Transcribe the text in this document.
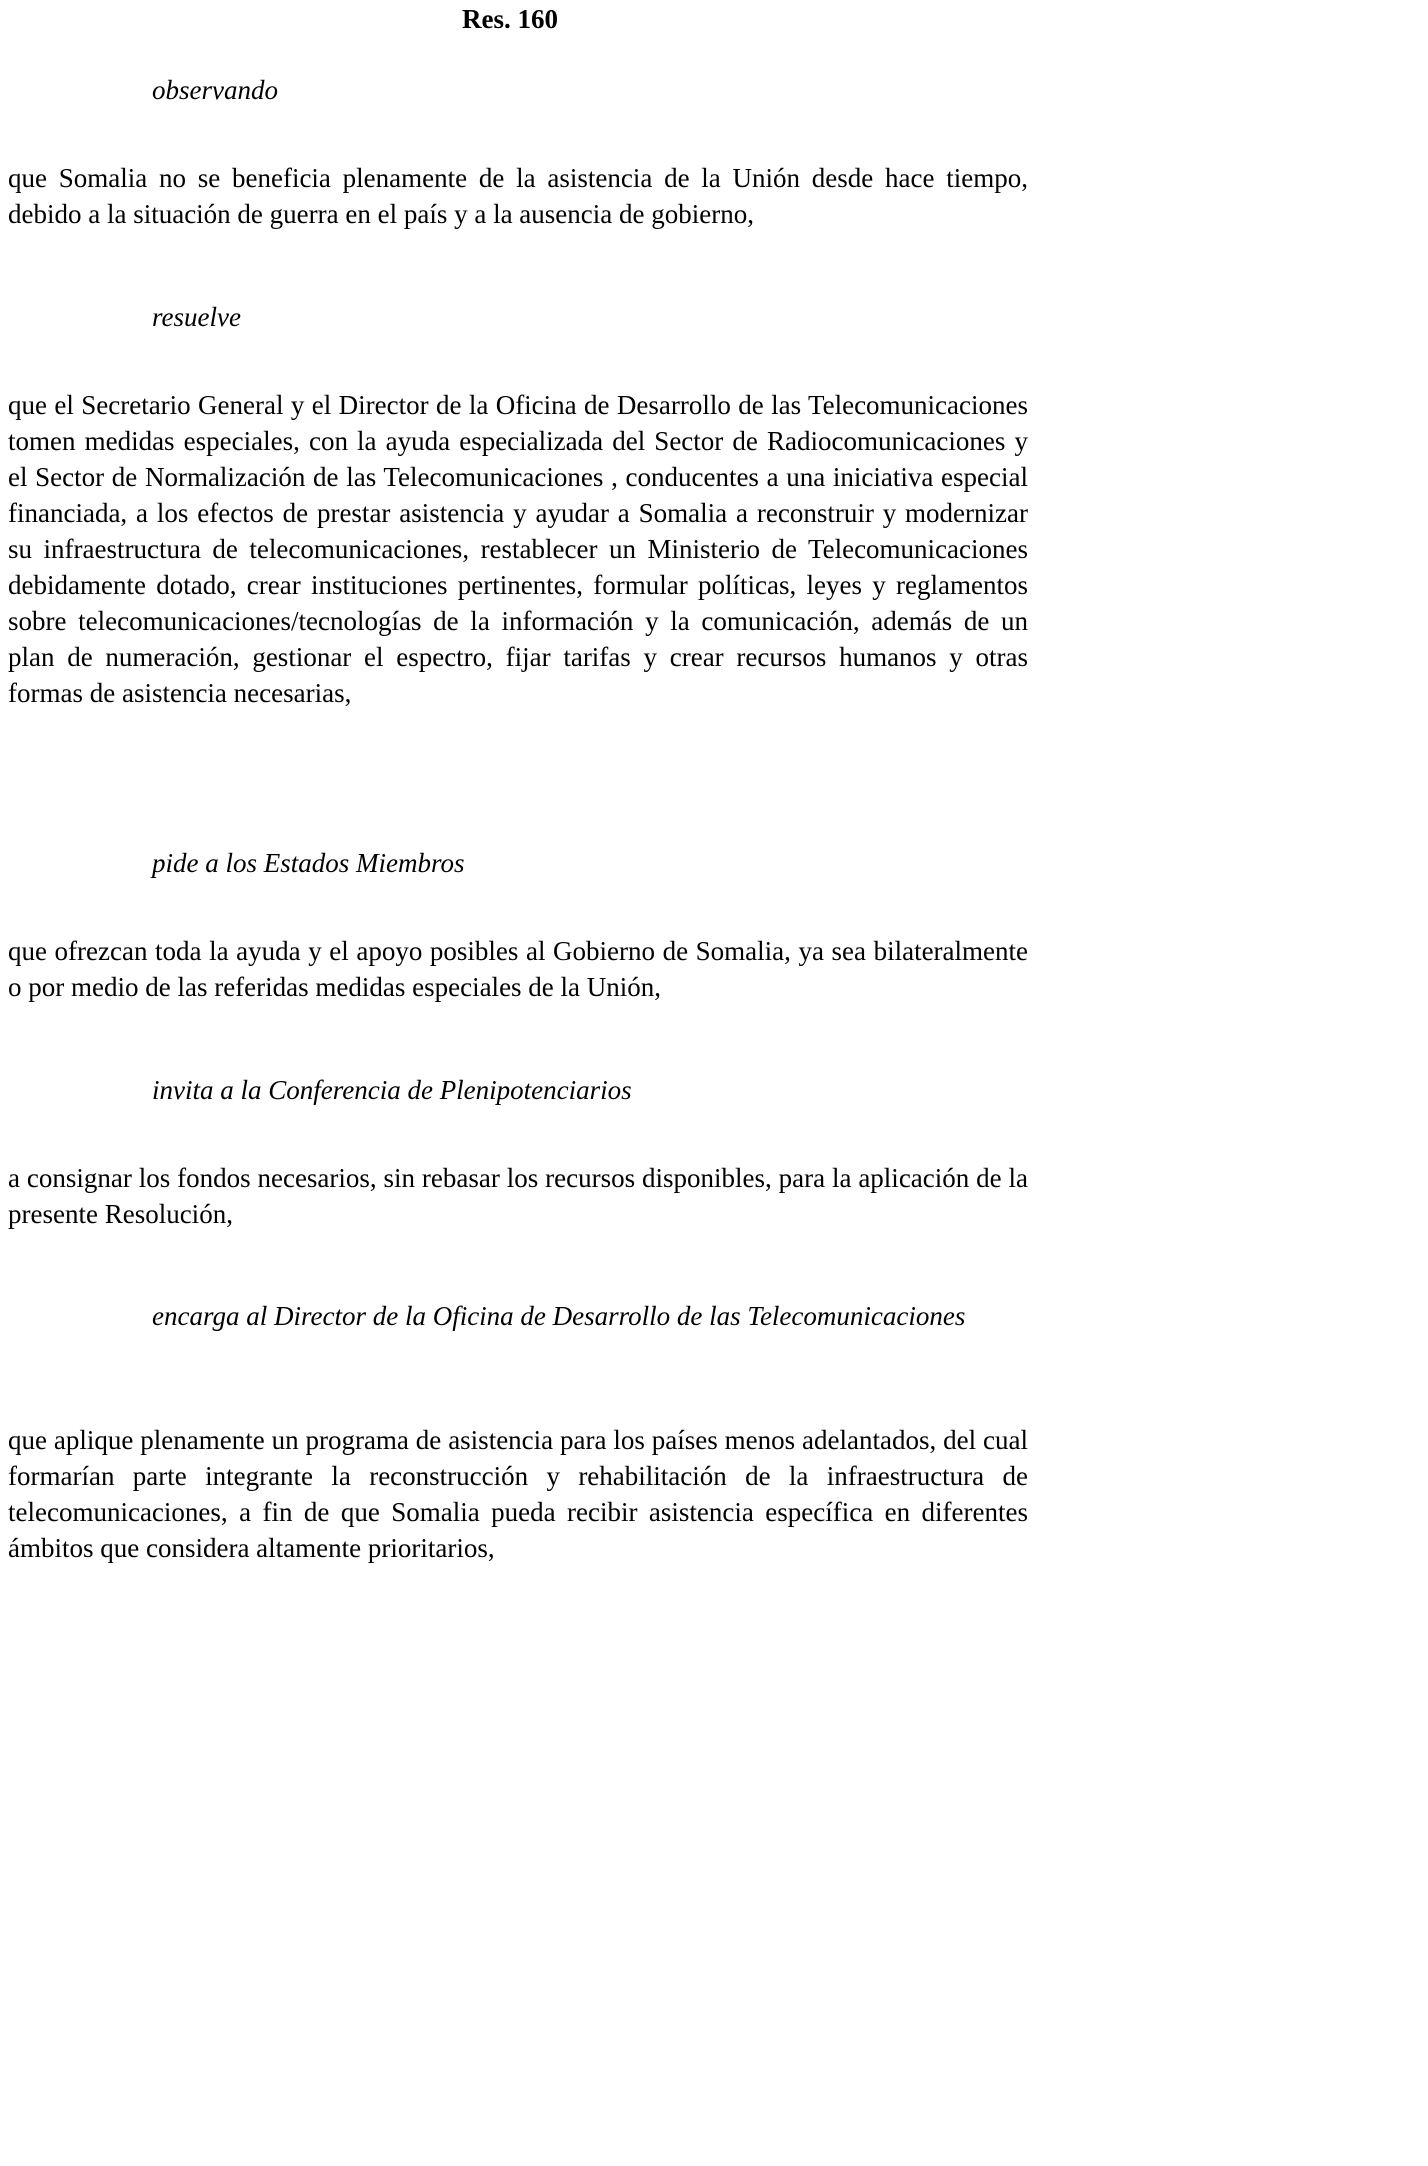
Res. 160
observando
que Somalia no se beneficia plenamente de la asistencia de la Unión desde hace tiempo, debido a la situación de guerra en el país y a la ausencia de gobierno,
resuelve
que el Secretario General y el Director de la Oficina de Desarrollo de las Telecomunicaciones tomen medidas especiales, con la ayuda especializada del Sector de Radiocomunicaciones y el Sector de Normalización de las Telecomunicaciones , conducentes a una iniciativa especial financiada, a los efectos de prestar asistencia y ayudar a Somalia a reconstruir y modernizar su infraestructura de telecomunicaciones, restablecer un Ministerio de Telecomunicaciones debidamente dotado, crear instituciones pertinentes, formular políticas, leyes y reglamentos sobre telecomunicaciones/tecnologías de la información y la comunicación, además de un plan de numeración, gestionar el espectro, fijar tarifas y crear recursos humanos y otras formas de asistencia necesarias,
pide a los Estados Miembros
que ofrezcan toda la ayuda y el apoyo posibles al Gobierno de Somalia, ya sea bilateralmente o por medio de las referidas medidas especiales de la Unión,
invita a la Conferencia de Plenipotenciarios
a consignar los fondos necesarios, sin rebasar los recursos disponibles, para la aplicación de la presente Resolución,
encarga al Director de la Oficina de Desarrollo de las Telecomunicaciones
que aplique plenamente un programa de asistencia para los países menos adelantados, del cual formarían parte integrante la reconstrucción y rehabilitación de la infraestructura de telecomunicaciones, a fin de que Somalia pueda recibir asistencia específica en diferentes ámbitos que considera altamente prioritarios,
